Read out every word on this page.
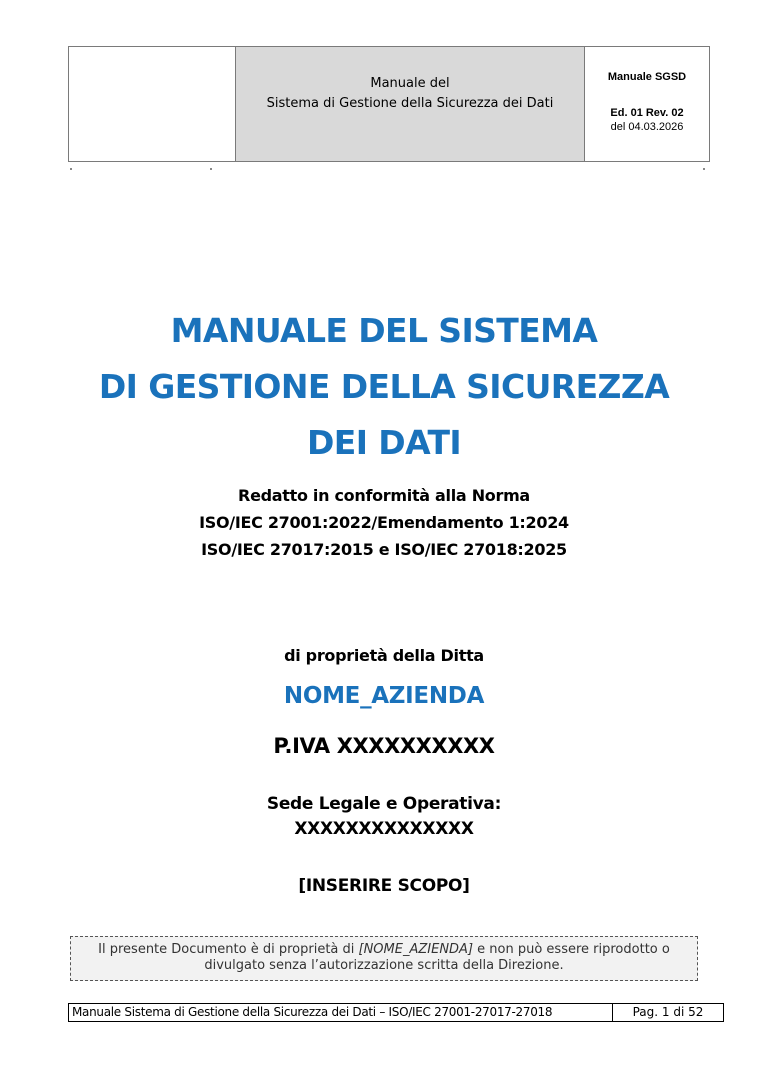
Manuale del
Sistema di Gestione della Sicurezza dei Dati
Manuale SGSD
Ed. 01 Rev. 02
del 04.03.2026
MANUALE DEL SISTEMA
DI GESTIONE DELLA SICUREZZA
DEI DATI
Redatto in conformità alla Norma
ISO/IEC 27001:2022/Emendamento 1:2024
ISO/IEC 27017:2015 e ISO/IEC 27018:2025
di proprietà della Ditta
NOME_AZIENDA
P.IVA XXXXXXXXXX
Sede Legale e Operativa:
XXXXXXXXXXXXXX
[INSERIRE SCOPO]
Il presente Documento è di proprietà di [NOME_AZIENDA] e non può essere riprodotto o
divulgato senza l’autorizzazione scritta della Direzione.
Manuale Sistema di Gestione della Sicurezza dei Dati – ISO/IEC 27001-27017-27018	Pag. 1 di 52
